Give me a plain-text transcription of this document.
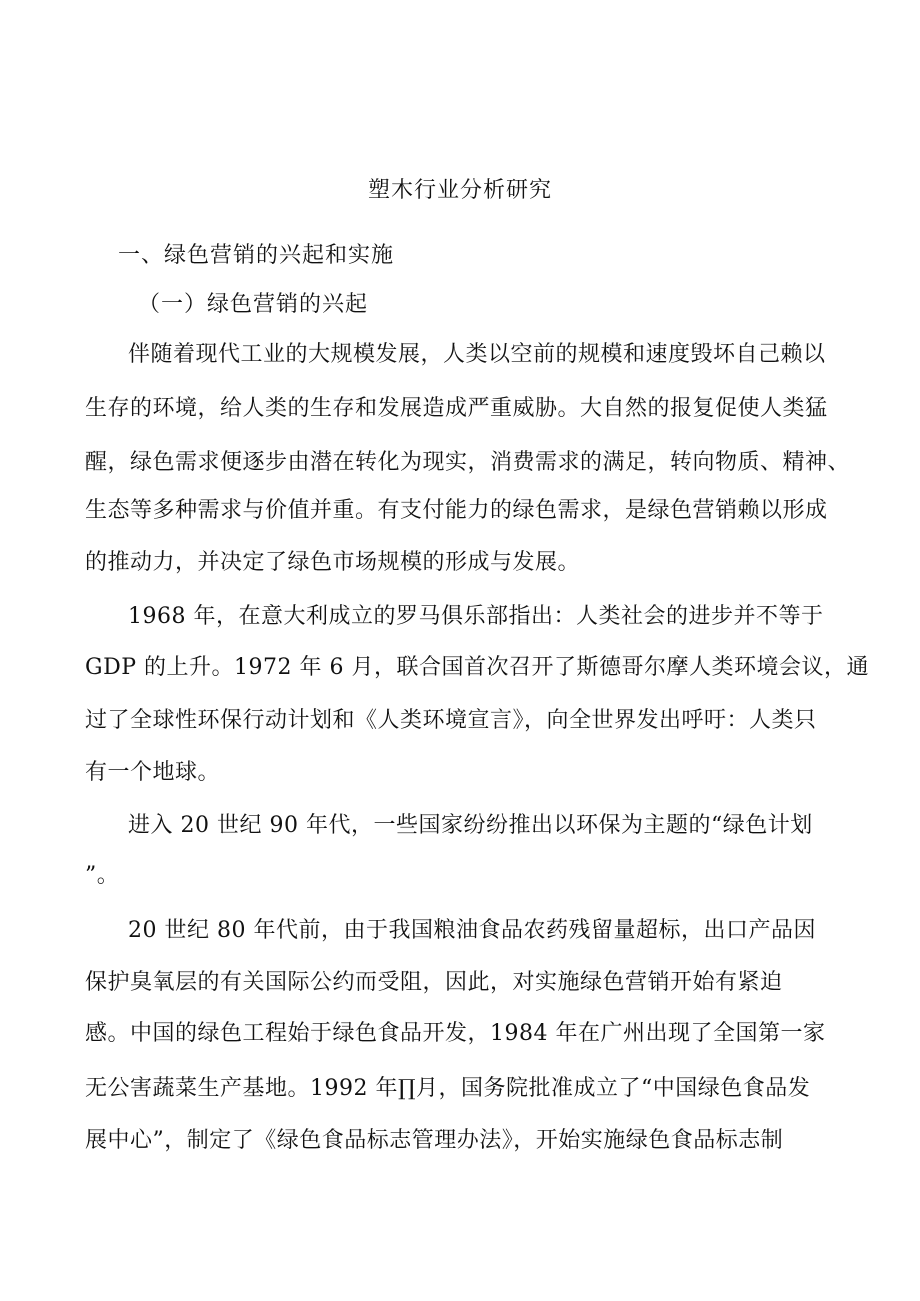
塑木行业分析研究
一、绿色营销的兴起和实施
（一）绿色营销的兴起
伴随着现代工业的大规模发展，人类以空前的规模和速度毁坏自己赖以
生存的环境，给人类的生存和发展造成严重威胁。大自然的报复促使人类猛
醒，绿色需求便逐步由潜在转化为现实，消费需求的满足，转向物质、精神、
生态等多种需求与价值并重。有支付能力的绿色需求，是绿色营销赖以形成
的推动力，并决定了绿色市场规模的形成与发展。
1968 年，在意大利成立的罗马俱乐部指出：人类社会的进步并不等于
GDP 的上升。1972 年 6 月，联合国首次召开了斯德哥尔摩人类环境会议，通
过了全球性环保行动计划和《人类环境宣言》，向全世界发出呼吁：人类只
有一个地球。
进入 20 世纪 90 年代，一些国家纷纷推出以环保为主题的“绿色计划
”。
20 世纪 80 年代前，由于我国粮油食品农药残留量超标，出口产品因
保护臭氧层的有关国际公约而受阻，因此，对实施绿色营销开始有紧迫
感。中国的绿色工程始于绿色食品开发，1984 年在广州出现了全国第一家
无公害蔬菜生产基地。1992 年∏月，国务院批准成立了“中国绿色食品发
展中心”，制定了《绿色食品标志管理办法》，开始实施绿色食品标志制
